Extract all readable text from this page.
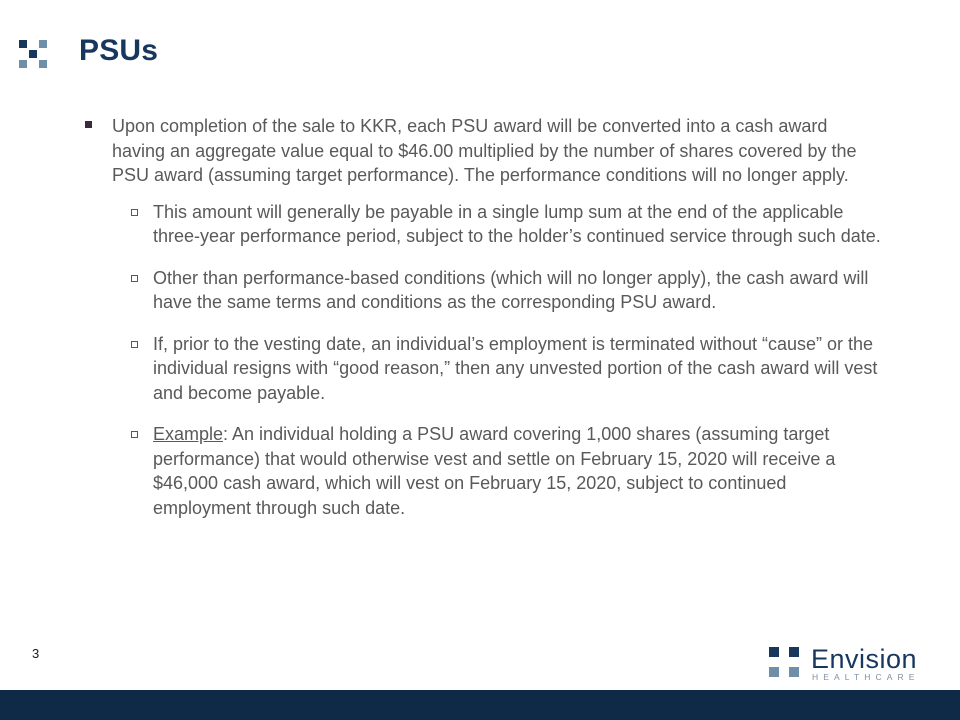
PSUs

Upon completion of the sale to KKR, each PSU award will be converted into a cash award having an aggregate value equal to $46.00 multiplied by the number of shares covered by the PSU award (assuming target performance). The performance conditions will no longer apply.

This amount will generally be payable in a single lump sum at the end of the applicable three-year performance period, subject to the holder’s continued service through such date.

Other than performance-based conditions (which will no longer apply), the cash award will have the same terms and conditions as the corresponding PSU award.

If, prior to the vesting date, an individual’s employment is terminated without “cause” or the individual resigns with “good reason,” then any unvested portion of the cash award will vest and become payable.

Example: An individual holding a PSU award covering 1,000 shares (assuming target performance) that would otherwise vest and settle on February 15, 2020 will receive a $46,000 cash award, which will vest on February 15, 2020, subject to continued employment through such date.

3	Envision
HEALTHCARE
